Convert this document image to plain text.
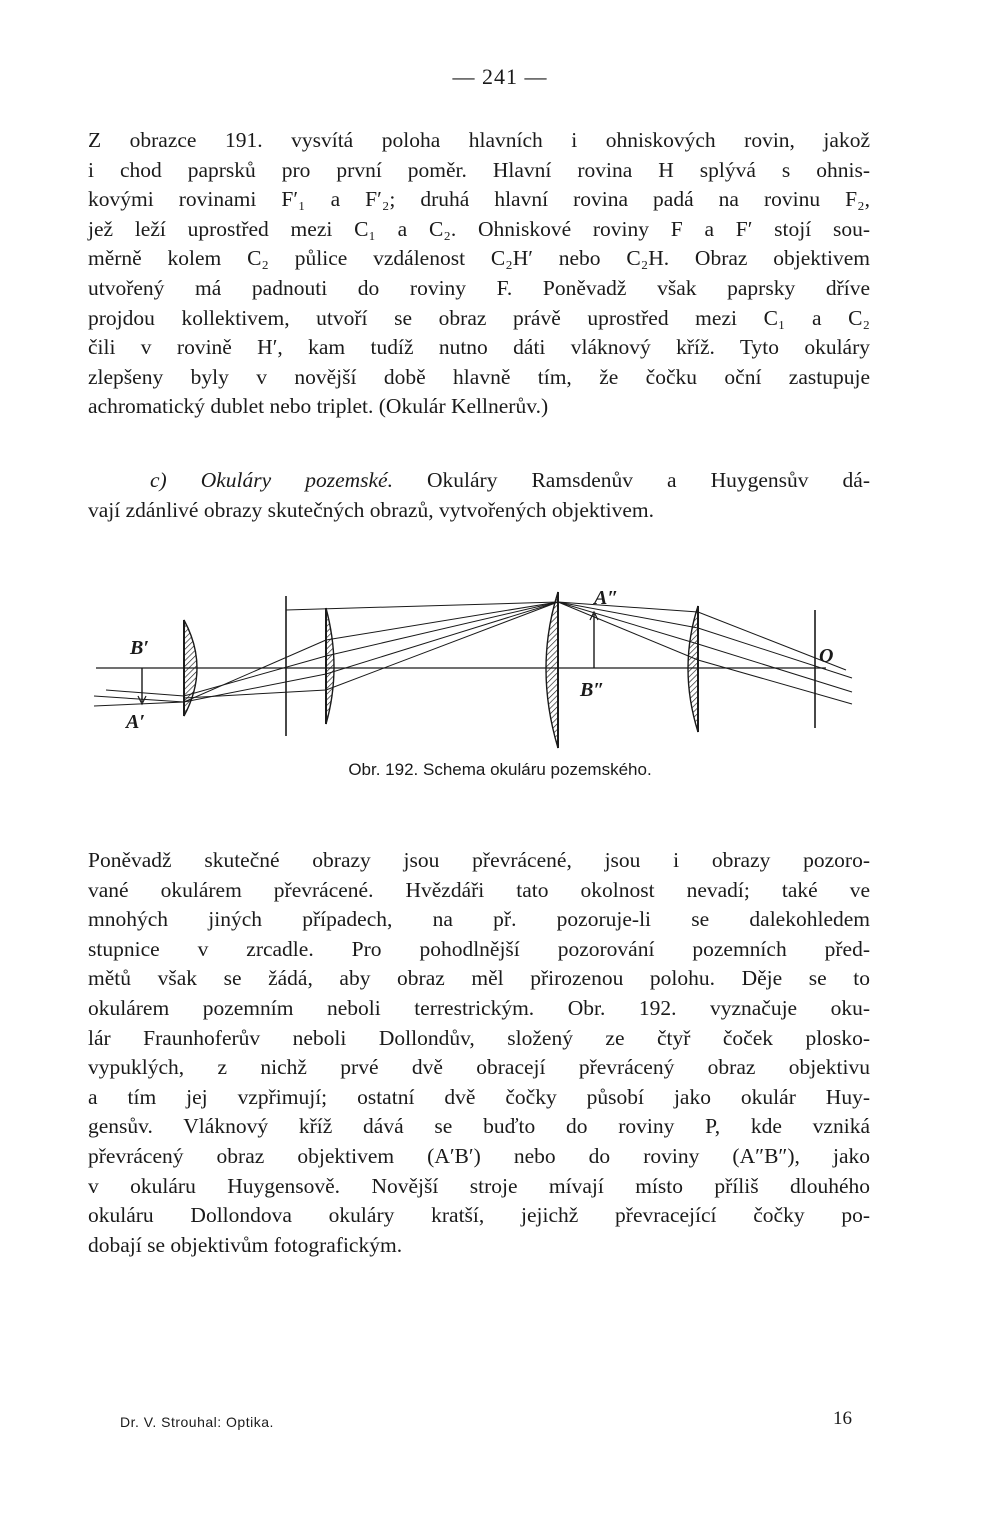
— 241 —
Z obrazce 191. vysvítá poloha hlavních i ohniskových rovin, jakož
i chod paprsků pro první poměr. Hlavní rovina H splývá s ohnis-
kovými rovinami F′₁ a F′₂; druhá hlavní rovina padá na rovinu F₂,
jež leží uprostřed mezi C₁ a C₂. Ohniskové roviny F a F′ stojí sou-
měrně kolem C₂ půlice vzdálenost C₂H′ nebo C₂H. Obraz objektivem
utvořený má padnouti do roviny F. Poněvadž však paprsky dříve
projdou kollektivem, utvoří se obraz právě uprostřed mezi C₁ a C₂
čili v rovině H′, kam tudíž nutno dáti vláknový kříž. Tyto okuláry
zlepšeny byly v novější době hlavně tím, že čočku oční zastupuje
achromatický dublet nebo triplet. (Okulár Kellnerův.)
c) Okuláry pozemské. Okuláry Ramsdenův a Huygensův dá-
vají zdánlivé obrazy skutečných obrazů, vytvořených objektivem.
B′
A′
A″
B″
O
Obr. 192. Schema okuláru pozemského.
Poněvadž skutečné obrazy jsou převrácené, jsou i obrazy pozoro-
vané okulárem převrácené. Hvězdáři tato okolnost nevadí; také ve
mnohých jiných případech, na př. pozoruje-li se dalekohledem
stupnice v zrcadle. Pro pohodlnější pozorování pozemních před-
mětů však se žádá, aby obraz měl přirozenou polohu. Děje se to
okulárem pozemním neboli terrestrickým. Obr. 192. vyznačuje oku-
lár Fraunhoferův neboli Dollondův, složený ze čtyř čoček plosko-
vypuklých, z nichž prvé dvě obracejí převrácený obraz objektivu
a tím jej vzpřimují; ostatní dvě čočky působí jako okulár Huy-
gensův. Vláknový kříž dává se buďto do roviny P, kde vzniká
převrácený obraz objektivem (A′B′) nebo do roviny (A″B″), jako
v okuláru Huygensově. Novější stroje mívají místo příliš dlouhého
okuláru Dollondova okuláry kratší, jejichž převracející čočky po-
dobají se objektivům fotografickým.
Dr. V. Strouhal: Optika.	16
